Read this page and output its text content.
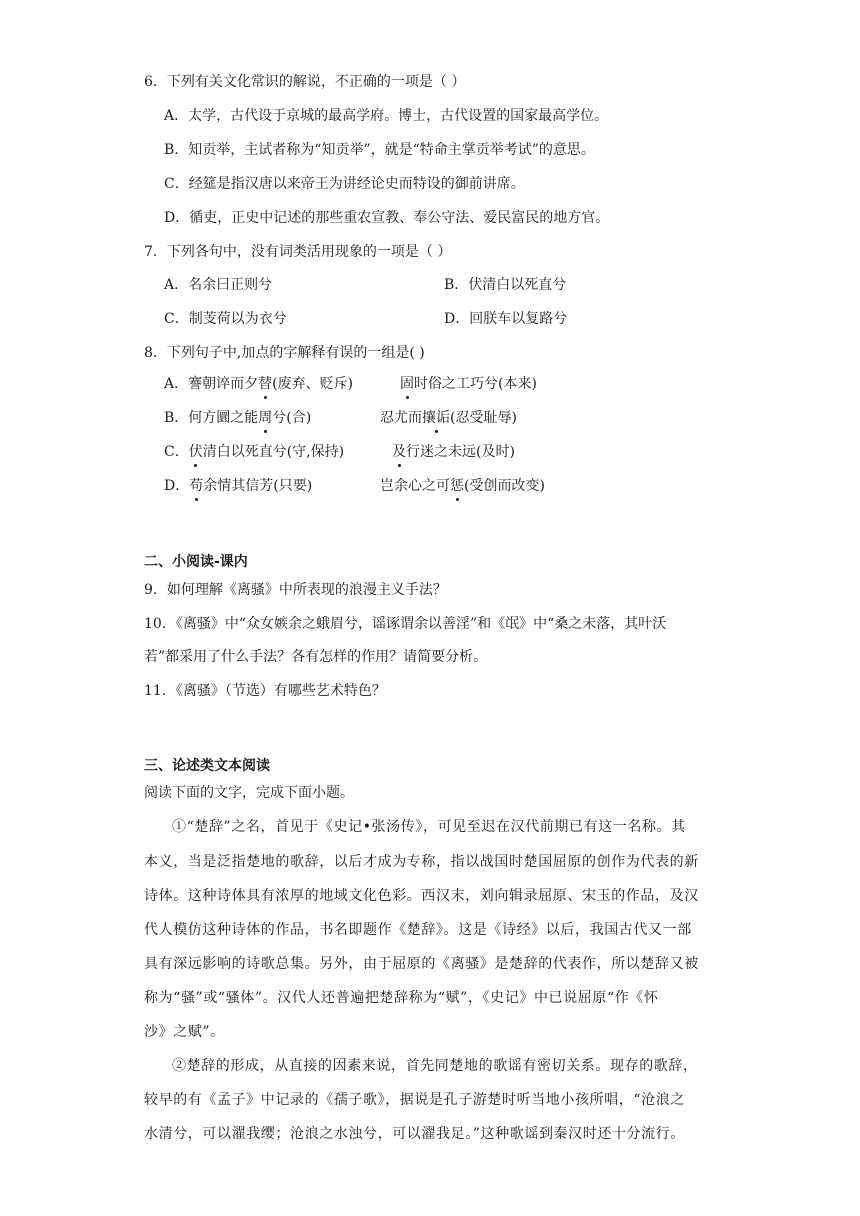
6．下列有关文化常识的解说，不正确的一项是（ ）
A．太学，古代设于京城的最高学府。博士，古代设置的国家最高学位。
B．知贡举，主试者称为“知贡举”，就是“特命主掌贡举考试”的意思。
C．经筵是指汉唐以来帝王为讲经论史而特设的御前讲席。
D．循吏，正史中记述的那些重农宣教、奉公守法、爱民富民的地方官。
7．下列各句中，没有词类活用现象的一项是（ ）
A．名余曰正则兮	B．伏清白以死直兮
C．制芰荷以为衣兮	D．回朕车以复路兮
8．下列句子中,加点的字解释有误的一组是( )
A．謇朝谇而夕替(废弃、贬斥)	固时俗之工巧兮(本来)
B．何方圜之能周兮(合)	忍尤而攘诟(忍受耻辱)
C．伏清白以死直兮(守,保持)	及行迷之未远(及时)
D．苟余情其信芳(只要)	岂余心之可惩(受创而改变)
二、小阅读-课内
9．如何理解《离骚》中所表现的浪漫主义手法？
10．《离骚》中“众女嫉余之蛾眉兮，谣诼谓余以善淫”和《氓》中“桑之未落，其叶沃
若”都采用了什么手法？各有怎样的作用？请简要分析。
11．《离骚》（节选）有哪些艺术特色？
三、论述类文本阅读
阅读下面的文字，完成下面小题。
①“楚辞”之名，首见于《史记•张汤传》，可见至迟在汉代前期已有这一名称。其
本义，当是泛指楚地的歌辞，以后才成为专称，指以战国时楚国屈原的创作为代表的新
诗体。这种诗体具有浓厚的地域文化色彩。西汉末，刘向辑录屈原、宋玉的作品，及汉
代人模仿这种诗体的作品，书名即题作《楚辞》。这是《诗经》以后，我国古代又一部
具有深远影响的诗歌总集。另外，由于屈原的《离骚》是楚辞的代表作，所以楚辞又被
称为“骚”或“骚体”。汉代人还普遍把楚辞称为“赋”，《史记》中已说屈原“作《怀
沙》之赋”。
②楚辞的形成，从直接的因素来说，首先同楚地的歌谣有密切关系。现存的歌辞，
较早的有《孟子》中记录的《孺子歌》，据说是孔子游楚时听当地小孩所唱，“沧浪之
水清兮，可以濯我缨；沧浪之水浊兮，可以濯我足。”这种歌谣到秦汉时还十分流行。
